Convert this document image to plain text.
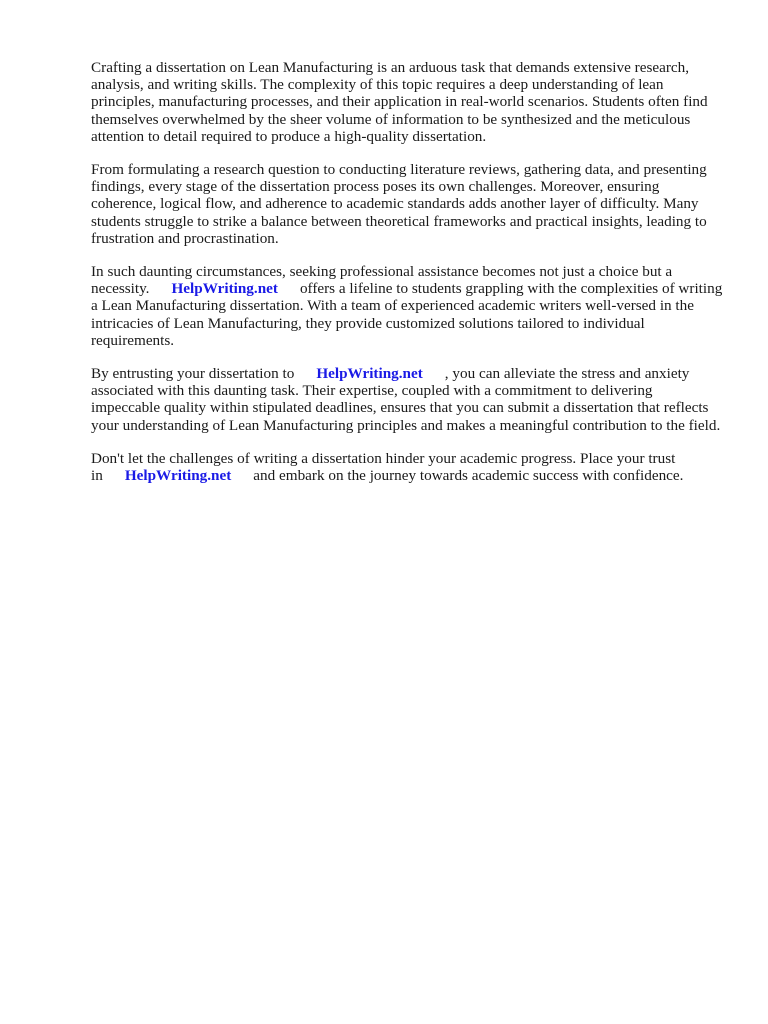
Crafting a dissertation on Lean Manufacturing is an arduous task that demands extensive research, analysis, and writing skills. The complexity of this topic requires a deep understanding of lean principles, manufacturing processes, and their application in real-world scenarios. Students often find themselves overwhelmed by the sheer volume of information to be synthesized and the meticulous attention to detail required to produce a high-quality dissertation.

From formulating a research question to conducting literature reviews, gathering data, and presenting findings, every stage of the dissertation process poses its own challenges. Moreover, ensuring coherence, logical flow, and adherence to academic standards adds another layer of difficulty. Many students struggle to strike a balance between theoretical frameworks and practical insights, leading to frustration and procrastination.

In such daunting circumstances, seeking professional assistance becomes not just a choice but a necessity. HelpWriting.net offers a lifeline to students grappling with the complexities of writing a Lean Manufacturing dissertation. With a team of experienced academic writers well-versed in the intricacies of Lean Manufacturing, they provide customized solutions tailored to individual requirements.

By entrusting your dissertation to HelpWriting.net , you can alleviate the stress and anxiety associated with this daunting task. Their expertise, coupled with a commitment to delivering impeccable quality within stipulated deadlines, ensures that you can submit a dissertation that reflects your understanding of Lean Manufacturing principles and makes a meaningful contribution to the field.

Don't let the challenges of writing a dissertation hinder your academic progress. Place your trust in HelpWriting.net and embark on the journey towards academic success with confidence.
